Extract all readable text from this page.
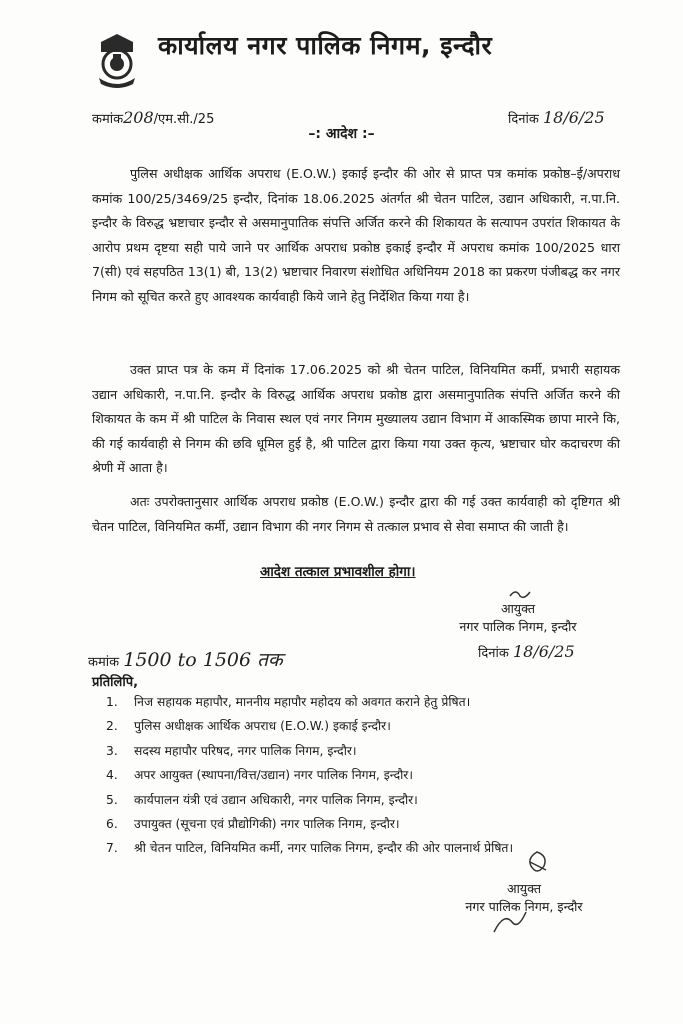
कार्यालय नगर पालिक निगम, इन्दौर
कमांक208/एम.सी./25	दिनांक 18/6/25
–: आदेश :–

पुलिस अधीक्षक आर्थिक अपराध (E.O.W.) इकाई इन्दौर की ओर से प्राप्त पत्र कमांक प्रकोष्ठ–ई/अपराध कमांक 100/25/3469/25 इन्दौर, दिनांक 18.06.2025 अंतर्गत श्री चेतन पाटिल, उद्यान अधिकारी, न.पा.नि. इन्दौर के विरुद्ध भ्रष्टाचार इन्दौर से असमानुपातिक संपत्ति अर्जित करने की शिकायत के सत्यापन उपरांत शिकायत के आरोप प्रथम दृष्टया सही पाये जाने पर आर्थिक अपराध प्रकोष्ठ इकाई इन्दौर में अपराध कमांक 100/2025 धारा 7(सी) एवं सहपठित 13(1) बी, 13(2) भ्रष्टाचार निवारण संशोधित अधिनियम 2018 का प्रकरण पंजीबद्ध कर नगर निगम को सूचित करते हुए आवश्यक कार्यवाही किये जाने हेतु निर्देशित किया गया है।

उक्त प्राप्त पत्र के कम में दिनांक 17.06.2025 को श्री चेतन पाटिल, विनियमित कर्मी, प्रभारी सहायक उद्यान अधिकारी, न.पा.नि. इन्दौर के विरुद्ध आर्थिक अपराध प्रकोष्ठ द्वारा असमानुपातिक संपत्ति अर्जित करने की शिकायत के कम में श्री पाटिल के निवास स्थल एवं नगर निगम मुख्यालय उद्यान विभाग में आकस्मिक छापा मारने कि, की गई कार्यवाही से निगम की छवि धूमिल हुई है, श्री पाटिल द्वारा किया गया उक्त कृत्य, भ्रष्टाचार घोर कदाचरण की श्रेणी में आता है।

अतः उपरोक्तानुसार आर्थिक अपराध प्रकोष्ठ (E.O.W.) इन्दौर द्वारा की गई उक्त कार्यवाही को दृष्टिगत श्री चेतन पाटिल, विनियमित कर्मी, उद्यान विभाग की नगर निगम से तत्काल प्रभाव से सेवा समाप्त की जाती है।

आदेश तत्काल प्रभावशील होगा।
आयुक्त
नगर पालिक निगम, इन्दौर
कमांक 1500 to 1506 तक	दिनांक 18/6/25
प्रतिलिपि,
1.	निज सहायक महापौर, माननीय महापौर महोदय को अवगत कराने हेतु प्रेषित।
2.	पुलिस अधीक्षक आर्थिक अपराध (E.O.W.) इकाई इन्दौर।
3.	सदस्य महापौर परिषद, नगर पालिक निगम, इन्दौर।
4.	अपर आयुक्त (स्थापना/वित्त/उद्यान) नगर पालिक निगम, इन्दौर।
5.	कार्यपालन यंत्री एवं उद्यान अधिकारी, नगर पालिक निगम, इन्दौर।
6.	उपायुक्त (सूचना एवं प्रौद्योगिकी) नगर पालिक निगम, इन्दौर।
7.	श्री चेतन पाटिल, विनियमित कर्मी, नगर पालिक निगम, इन्दौर की ओर पालनार्थ प्रेषित।
आयुक्त
नगर पालिक निगम, इन्दौर
